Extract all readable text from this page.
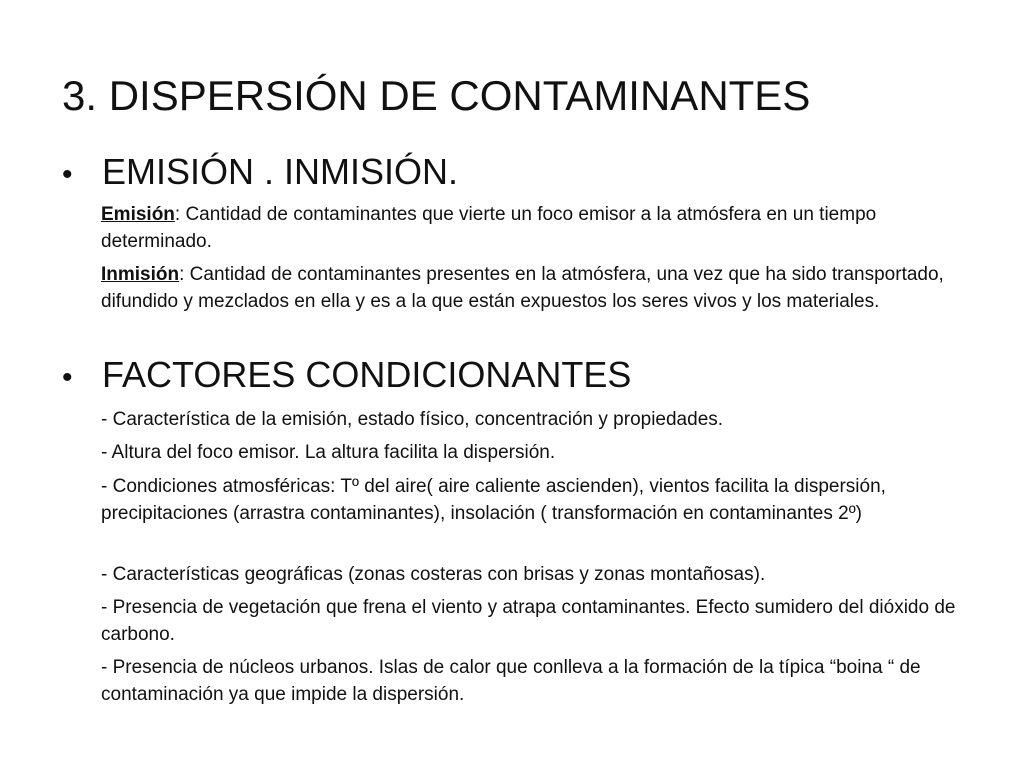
3. DISPERSIÓN DE CONTAMINANTES
• EMISIÓN . INMISIÓN.

Emisión: Cantidad de contaminantes que vierte un foco emisor a la atmósfera en un tiempo determinado.

Inmisión: Cantidad de contaminantes presentes en la atmósfera, una vez que ha sido transportado, difundido y mezclados en ella y es a la que están expuestos los seres vivos y los materiales.

• FACTORES CONDICIONANTES

- Característica de la emisión, estado físico, concentración y propiedades.

- Altura del foco emisor. La altura facilita la dispersión.

- Condiciones atmosféricas: Tº del aire( aire caliente ascienden), vientos facilita la dispersión, precipitaciones (arrastra contaminantes), insolación ( transformación en contaminantes 2º)

- Características geográficas (zonas costeras con brisas y zonas montañosas).

- Presencia de vegetación que frena el viento y atrapa contaminantes. Efecto sumidero del dióxido de carbono.

- Presencia de núcleos urbanos. Islas de calor que conlleva a la formación de la típica “boina “ de contaminación ya que impide la dispersión.
